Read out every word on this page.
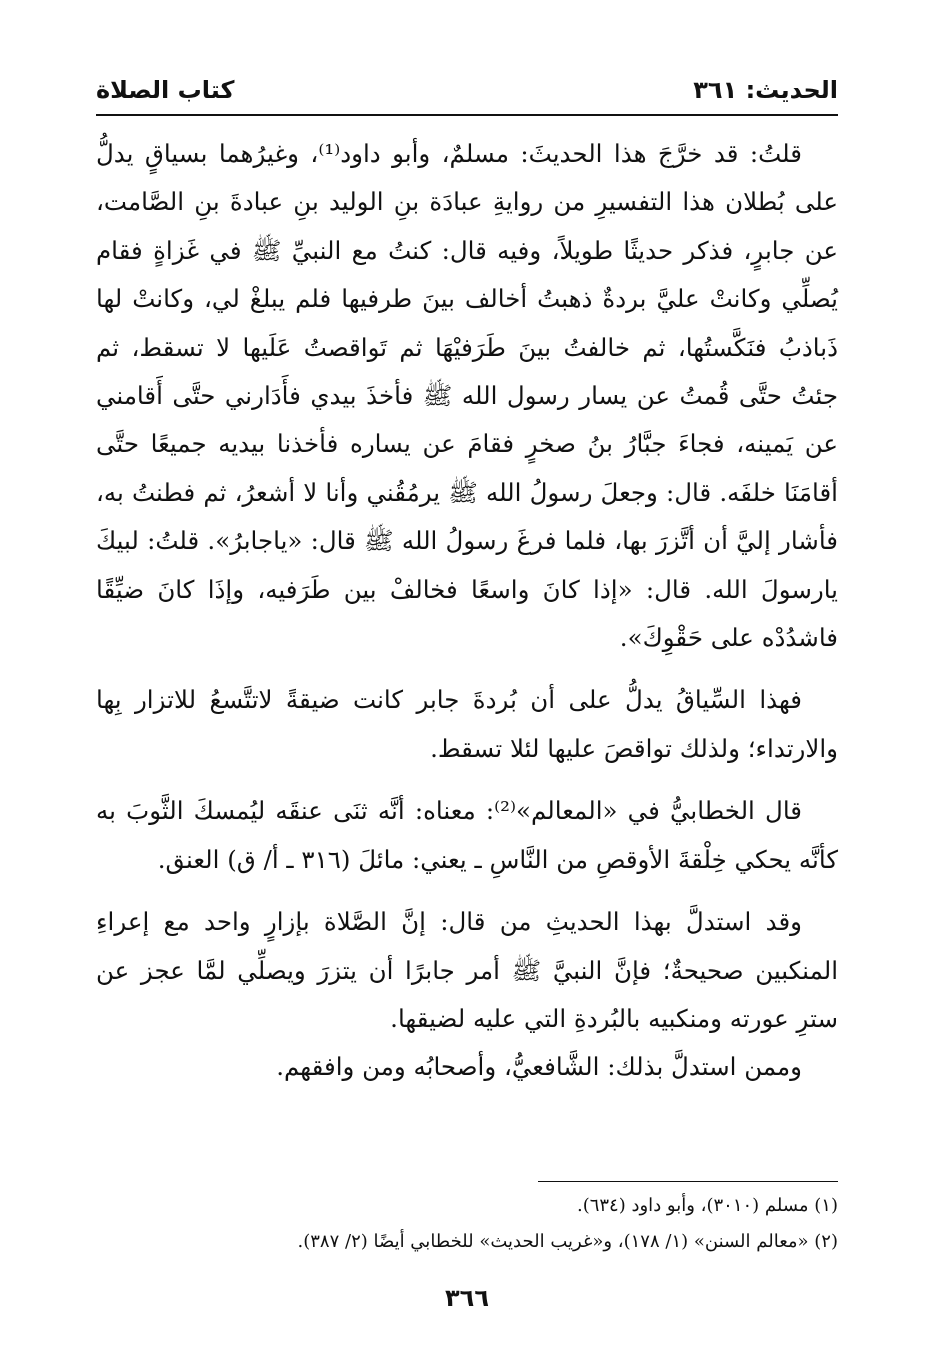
الحديث: ٣٦١
كتاب الصلاة

قلتُ: قد خرَّجَ هذا الحديثَ: مسلمٌ، وأبو داود⁽¹⁾، وغيرُهما بسياقٍ يدلُّ على بُطلان هذا التفسيرِ من روايةِ عبادَة بنِ الوليد بنِ عبادةَ بنِ الصَّامت، عن جابرٍ، فذكر حديثًا طويلاً، وفيه قال: كنتُ مع النبيِّ ﷺ في غَزاةٍ فقام يُصلِّي وكانتْ عليَّ بردةٌ ذهبتُ أخالف بينَ طرفيها فلم يبلغْ لي، وكانتْ لها ذَباذبُ فنَكَّستُها، ثم خالفتُ بينَ طَرَفيْهَا ثم تَواقصتُ عَلَيها لا تسقط، ثم جئتُ حتَّى قُمتُ عن يسار رسول الله ﷺ فأخذَ بيدي فأَدَارني حتَّى أَقامني عن يَمينه، فجاءَ جبَّارُ بنُ صخرٍ فقامَ عن يساره فأخذنا بيديه جميعًا حتَّى أقامَنَا خلفَه. قال: وجعلَ رسولُ الله ﷺ يرمُقُني وأنا لا أشعرُ، ثم فطنتُ به، فأشار إليَّ أن أتَّزرَ بها، فلما فرغَ رسولُ الله ﷺ قال: «ياجابرُ». قلتُ: لبيكَ يارسولَ الله. قال: «إذا كانَ واسعًا فخالفْ بين طَرَفيه، وإذَا كانَ ضيِّقًا فاشدُدْه على حَقْوِكَ».

فهذا السِّياقُ يدلُّ على أن بُردةَ جابر كانت ضيقةً لاتتَّسعُ للاتزار بِها والارتداء؛ ولذلك تواقصَ عليها لئلا تسقط.

قال الخطابيُّ في «المعالم»⁽²⁾: معناه: أنَّه ثنَى عنقَه ليُمسكَ الثَّوبَ به كأنَّه يحكي خِلْقةَ الأوقصِ من النَّاسِ ـ يعني: مائلَ (٣١٦ ـ أ/ ق) العنق.

وقد استدلَّ بهذا الحديثِ من قال: إنَّ الصَّلاة بإزارٍ واحد مع إعراءِ المنكبين صحيحةٌ؛ فإنَّ النبيَّ ﷺ أمر جابرًا أن يتزرَ ويصلِّي لمَّا عجز عن سترِ عورته ومنكبيه بالبُردةِ التي عليه لضيقها.

وممن استدلَّ بذلك: الشَّافعيُّ، وأصحابُه ومن وافقهم.

(١) مسلم (٣٠١٠)، وأبو داود (٦٣٤).

(٢) «معالم السنن» (١/ ١٧٨)، و«غريب الحديث» للخطابي أيضًا (٢/ ٣٨٧).

٣٦٦
